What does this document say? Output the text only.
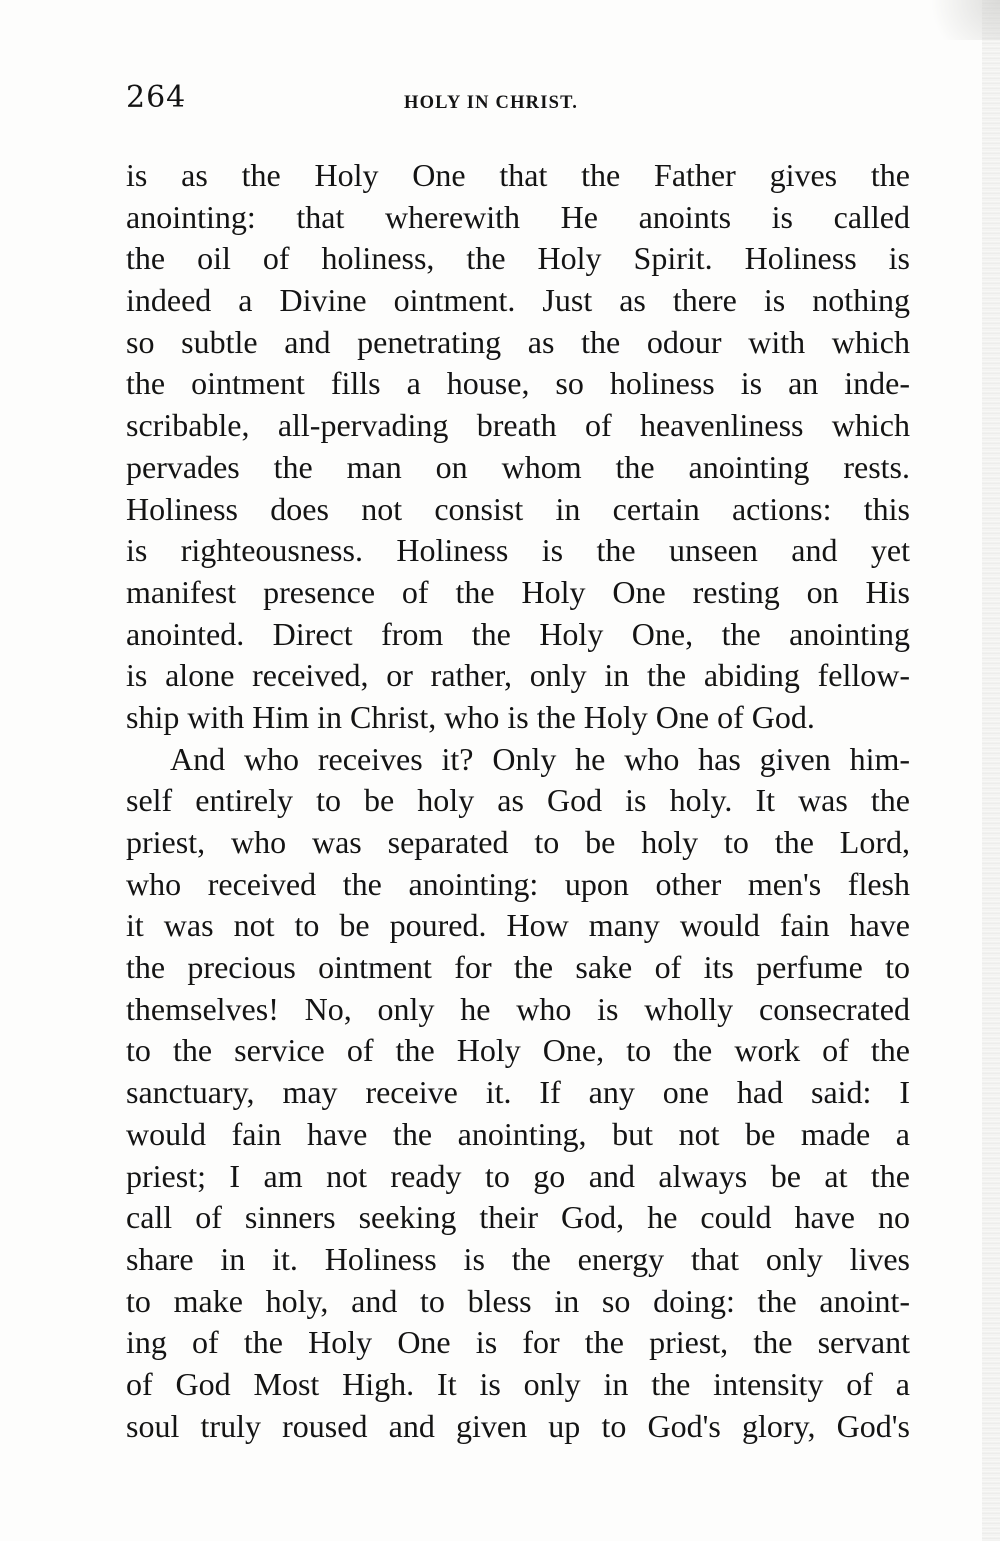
264	HOLY IN CHRIST.
is as the Holy One that the Father gives the
anointing: that wherewith He anoints is called
the oil of holiness, the Holy Spirit. Holiness is
indeed a Divine ointment. Just as there is nothing
so subtle and penetrating as the odour with which
the ointment fills a house, so holiness is an inde-
scribable, all-pervading breath of heavenliness which
pervades the man on whom the anointing rests.
Holiness does not consist in certain actions: this
is righteousness. Holiness is the unseen and yet
manifest presence of the Holy One resting on His
anointed. Direct from the Holy One, the anointing
is alone received, or rather, only in the abiding fellow-
ship with Him in Christ, who is the Holy One of God.
And who receives it? Only he who has given him-
self entirely to be holy as God is holy. It was the
priest, who was separated to be holy to the Lord,
who received the anointing: upon other men's flesh
it was not to be poured. How many would fain have
the precious ointment for the sake of its perfume to
themselves! No, only he who is wholly consecrated
to the service of the Holy One, to the work of the
sanctuary, may receive it. If any one had said: I
would fain have the anointing, but not be made a
priest; I am not ready to go and always be at the
call of sinners seeking their God, he could have no
share in it. Holiness is the energy that only lives
to make holy, and to bless in so doing: the anoint-
ing of the Holy One is for the priest, the servant
of God Most High. It is only in the intensity of a
soul truly roused and given up to God's glory, God's
